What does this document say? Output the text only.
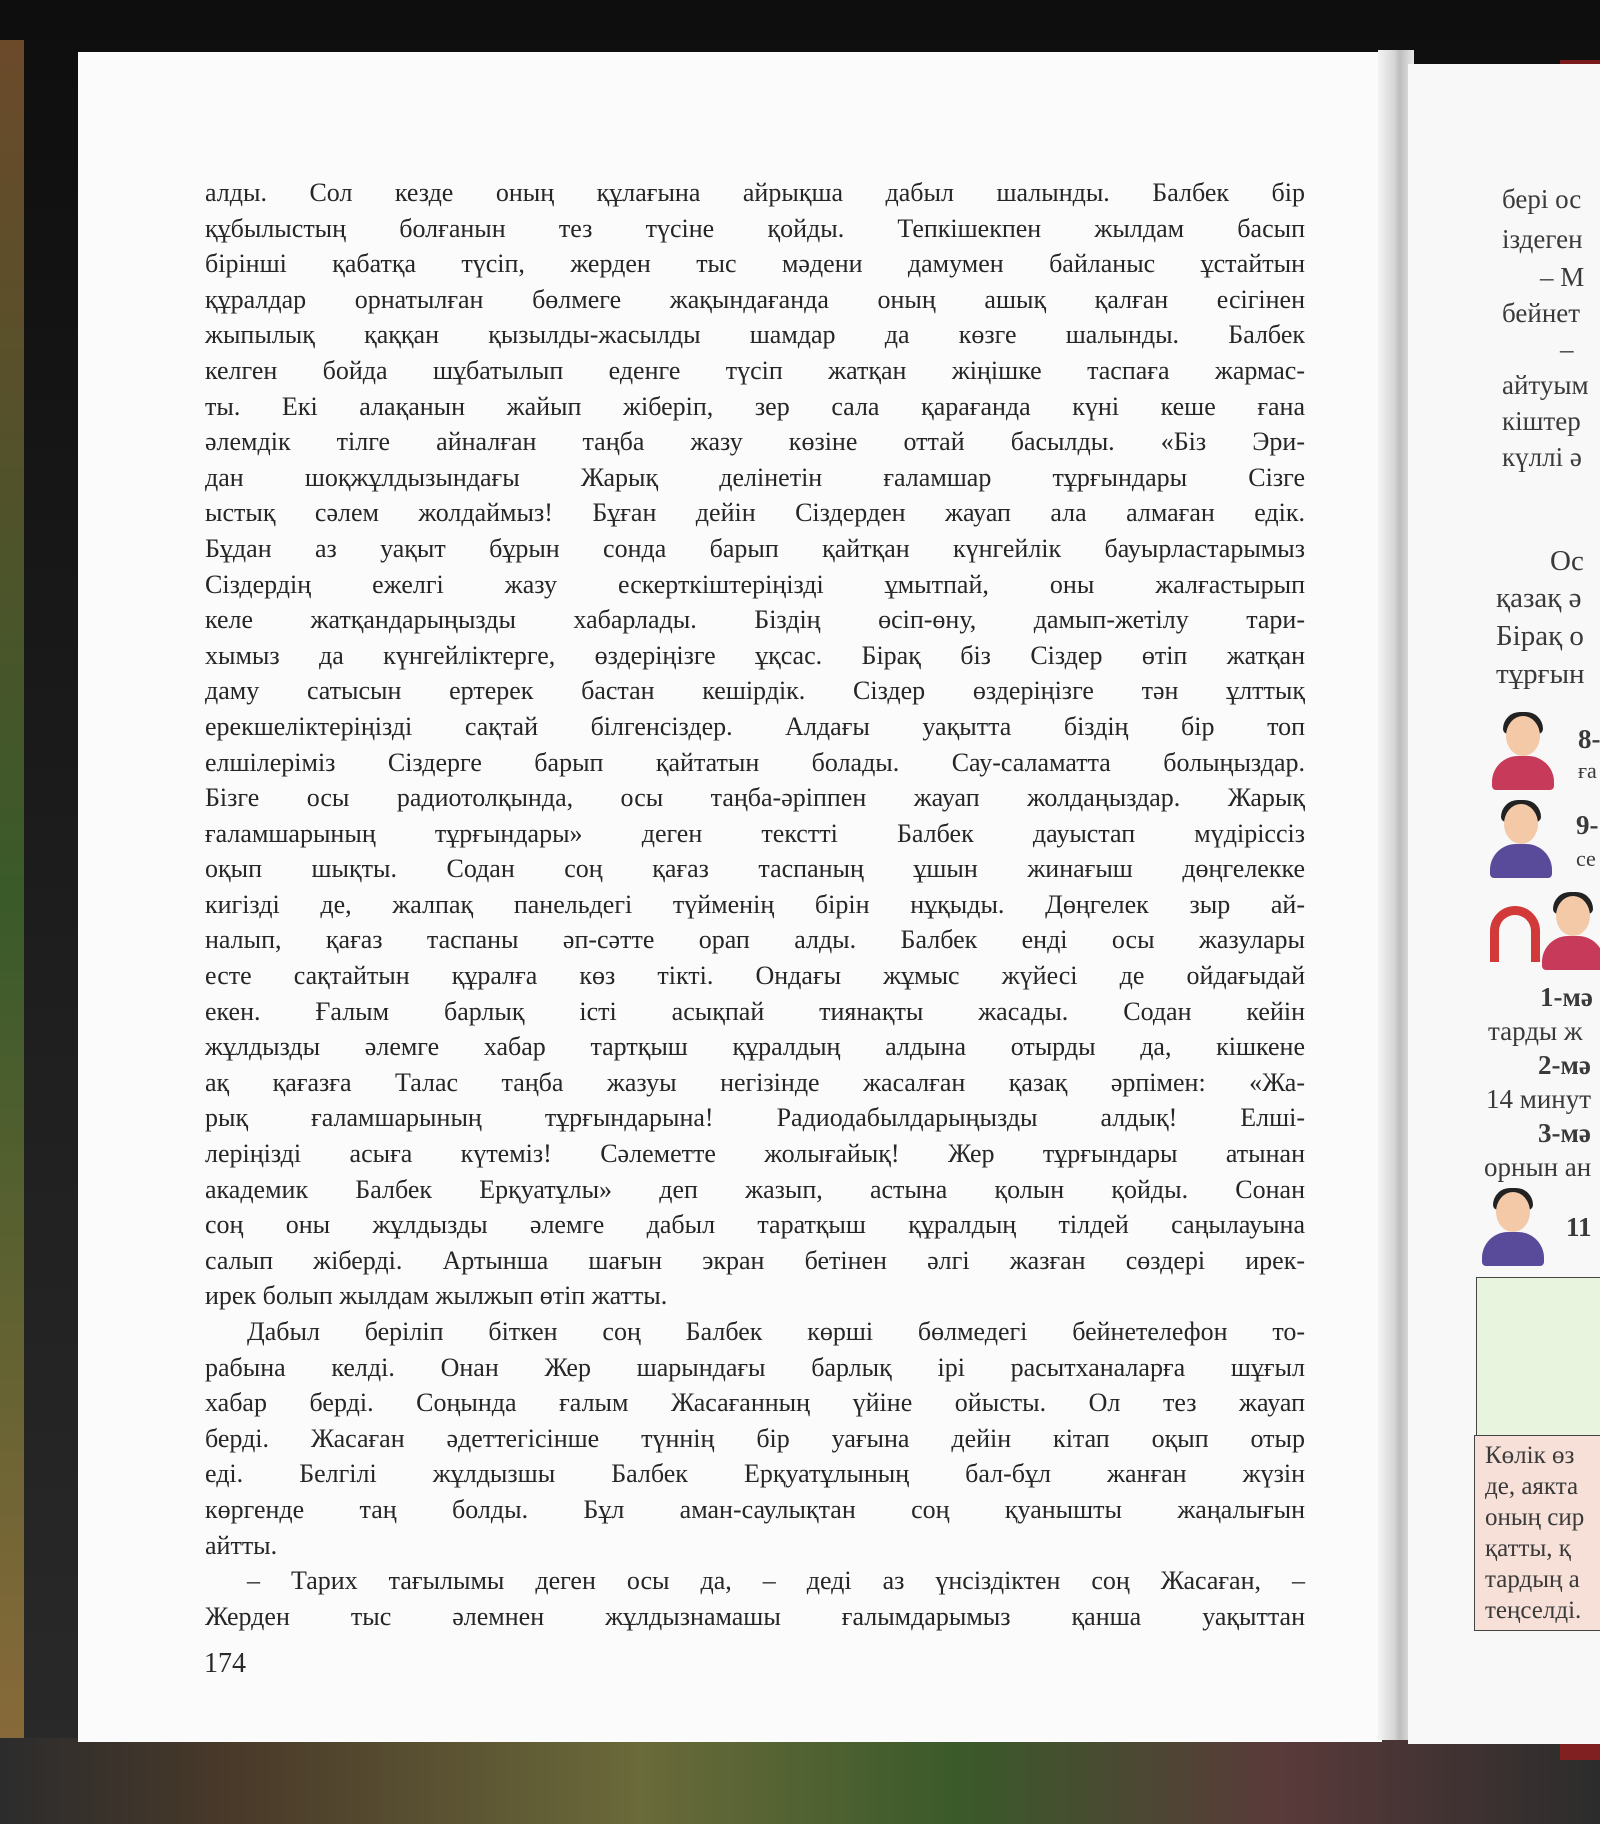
алды. Сол кезде оның құлағына айрықша дабыл шалынды. Балбек бір

құбылыстың болғанын тез түсіне қойды. Тепкішекпен жылдам басып

бірінші қабатқа түсіп, жерден тыс мәдени дамумен байланыс ұстайтын

құралдар орнатылған бөлмеге жақындағанда оның ашық қалған есігінен

жыпылық қаққан қызылды-жасылды шамдар да көзге шалынды. Балбек

келген бойда шұбатылып еденге түсіп жатқан жіңішке таспаға жармас-

ты. Екі алақанын жайып жіберіп, зер сала қарағанда күні кеше ғана

әлемдік тілге айналған таңба жазу көзіне оттай басылды. «Біз Эри-

дан шоқжұлдызындағы Жарық делінетін ғаламшар тұрғындары Сізге

ыстық сәлем жолдаймыз! Бұған дейін Сіздерден жауап ала алмаған едік.

Бұдан аз уақыт бұрын сонда барып қайтқан күнгейлік бауырластарымыз

Сіздердің ежелгі жазу ескерткіштеріңізді ұмытпай, оны жалғастырып

келе жатқандарыңызды хабарлады. Біздің өсіп-өну, дамып-жетілу тари-

хымыз да күнгейліктерге, өздеріңізге ұқсас. Бірақ біз Сіздер өтіп жатқан

даму сатысын ертерек бастан кешірдік. Сіздер өздеріңізге тән ұлттық

ерекшеліктеріңізді сақтай білгенсіздер. Алдағы уақытта біздің бір топ

елшілеріміз Сіздерге барып қайтатын болады. Сау-саламатта болыңыздар.

Бізге осы радиотолқында, осы таңба-әріппен жауап жолдаңыздар. Жарық

ғаламшарының тұрғындары» деген текстті Балбек дауыстап мүдіріссіз

оқып шықты. Содан соң қағаз таспаның ұшын жинағыш дөңгелекке

кигізді де, жалпақ панельдегі түйменің бірін нұқыды. Дөңгелек зыр ай-

налып, қағаз таспаны әп-сәтте орап алды. Балбек енді осы жазулары

есте сақтайтын құралға көз тікті. Ондағы жұмыс жүйесі де ойдағыдай

екен. Ғалым барлық істі асықпай тиянақты жасады. Содан кейін

жұлдызды әлемге хабар тартқыш құралдың алдына отырды да, кішкене

ақ қағазға Талас таңба жазуы негізінде жасалған қазақ әрпімен: «Жа-

рық ғаламшарының тұрғындарына! Радиодабылдарыңызды алдық! Елші-

леріңізді асыға күтеміз! Сәлеметте жолығайық! Жер тұрғындары атынан

академик Балбек Ерқуатұлы» деп жазып, астына қолын қойды. Сонан

соң оны жұлдызды әлемге дабыл таратқыш құралдың тілдей саңылауына

салып жіберді. Артынша шағын экран бетінен әлгі жазған сөздері ирек-

ирек болып жылдам жылжып өтіп жатты.

Дабыл беріліп біткен соң Балбек көрші бөлмедегі бейнетелефон то-

рабына келді. Онан Жер шарындағы барлық ірі расытханаларға шұғыл

хабар берді. Соңында ғалым Жасағанның үйіне ойысты. Ол тез жауап

берді. Жасаған әдеттегісінше түннің бір уағына дейін кітап оқып отыр

еді. Белгілі жұлдызшы Балбек Ерқуатұлының бал-бұл жанған жүзін

көргенде таң болды. Бұл аман-саулықтан соң қуанышты жаңалығын

айтты.

– Тарих тағылымы деген осы да, – деді аз үнсіздіктен соң Жасаған, –

Жерден тыс әлемнен жұлдызнамашы ғалымдарымыз қанша уақыттан

174
бері ос
іздеген
– М
бейнет
–
айтуым
кіштер
күллі ә
Ос
қазақ ә
Бірақ о
тұрғын
8-
ға
9-
се
1-мә
тарды ж
2-мә
14 минут
3-мә
орнын ан
11
Көлік өз
де, аякта
оның сир
қатты, қ
тардың а
теңселді.
